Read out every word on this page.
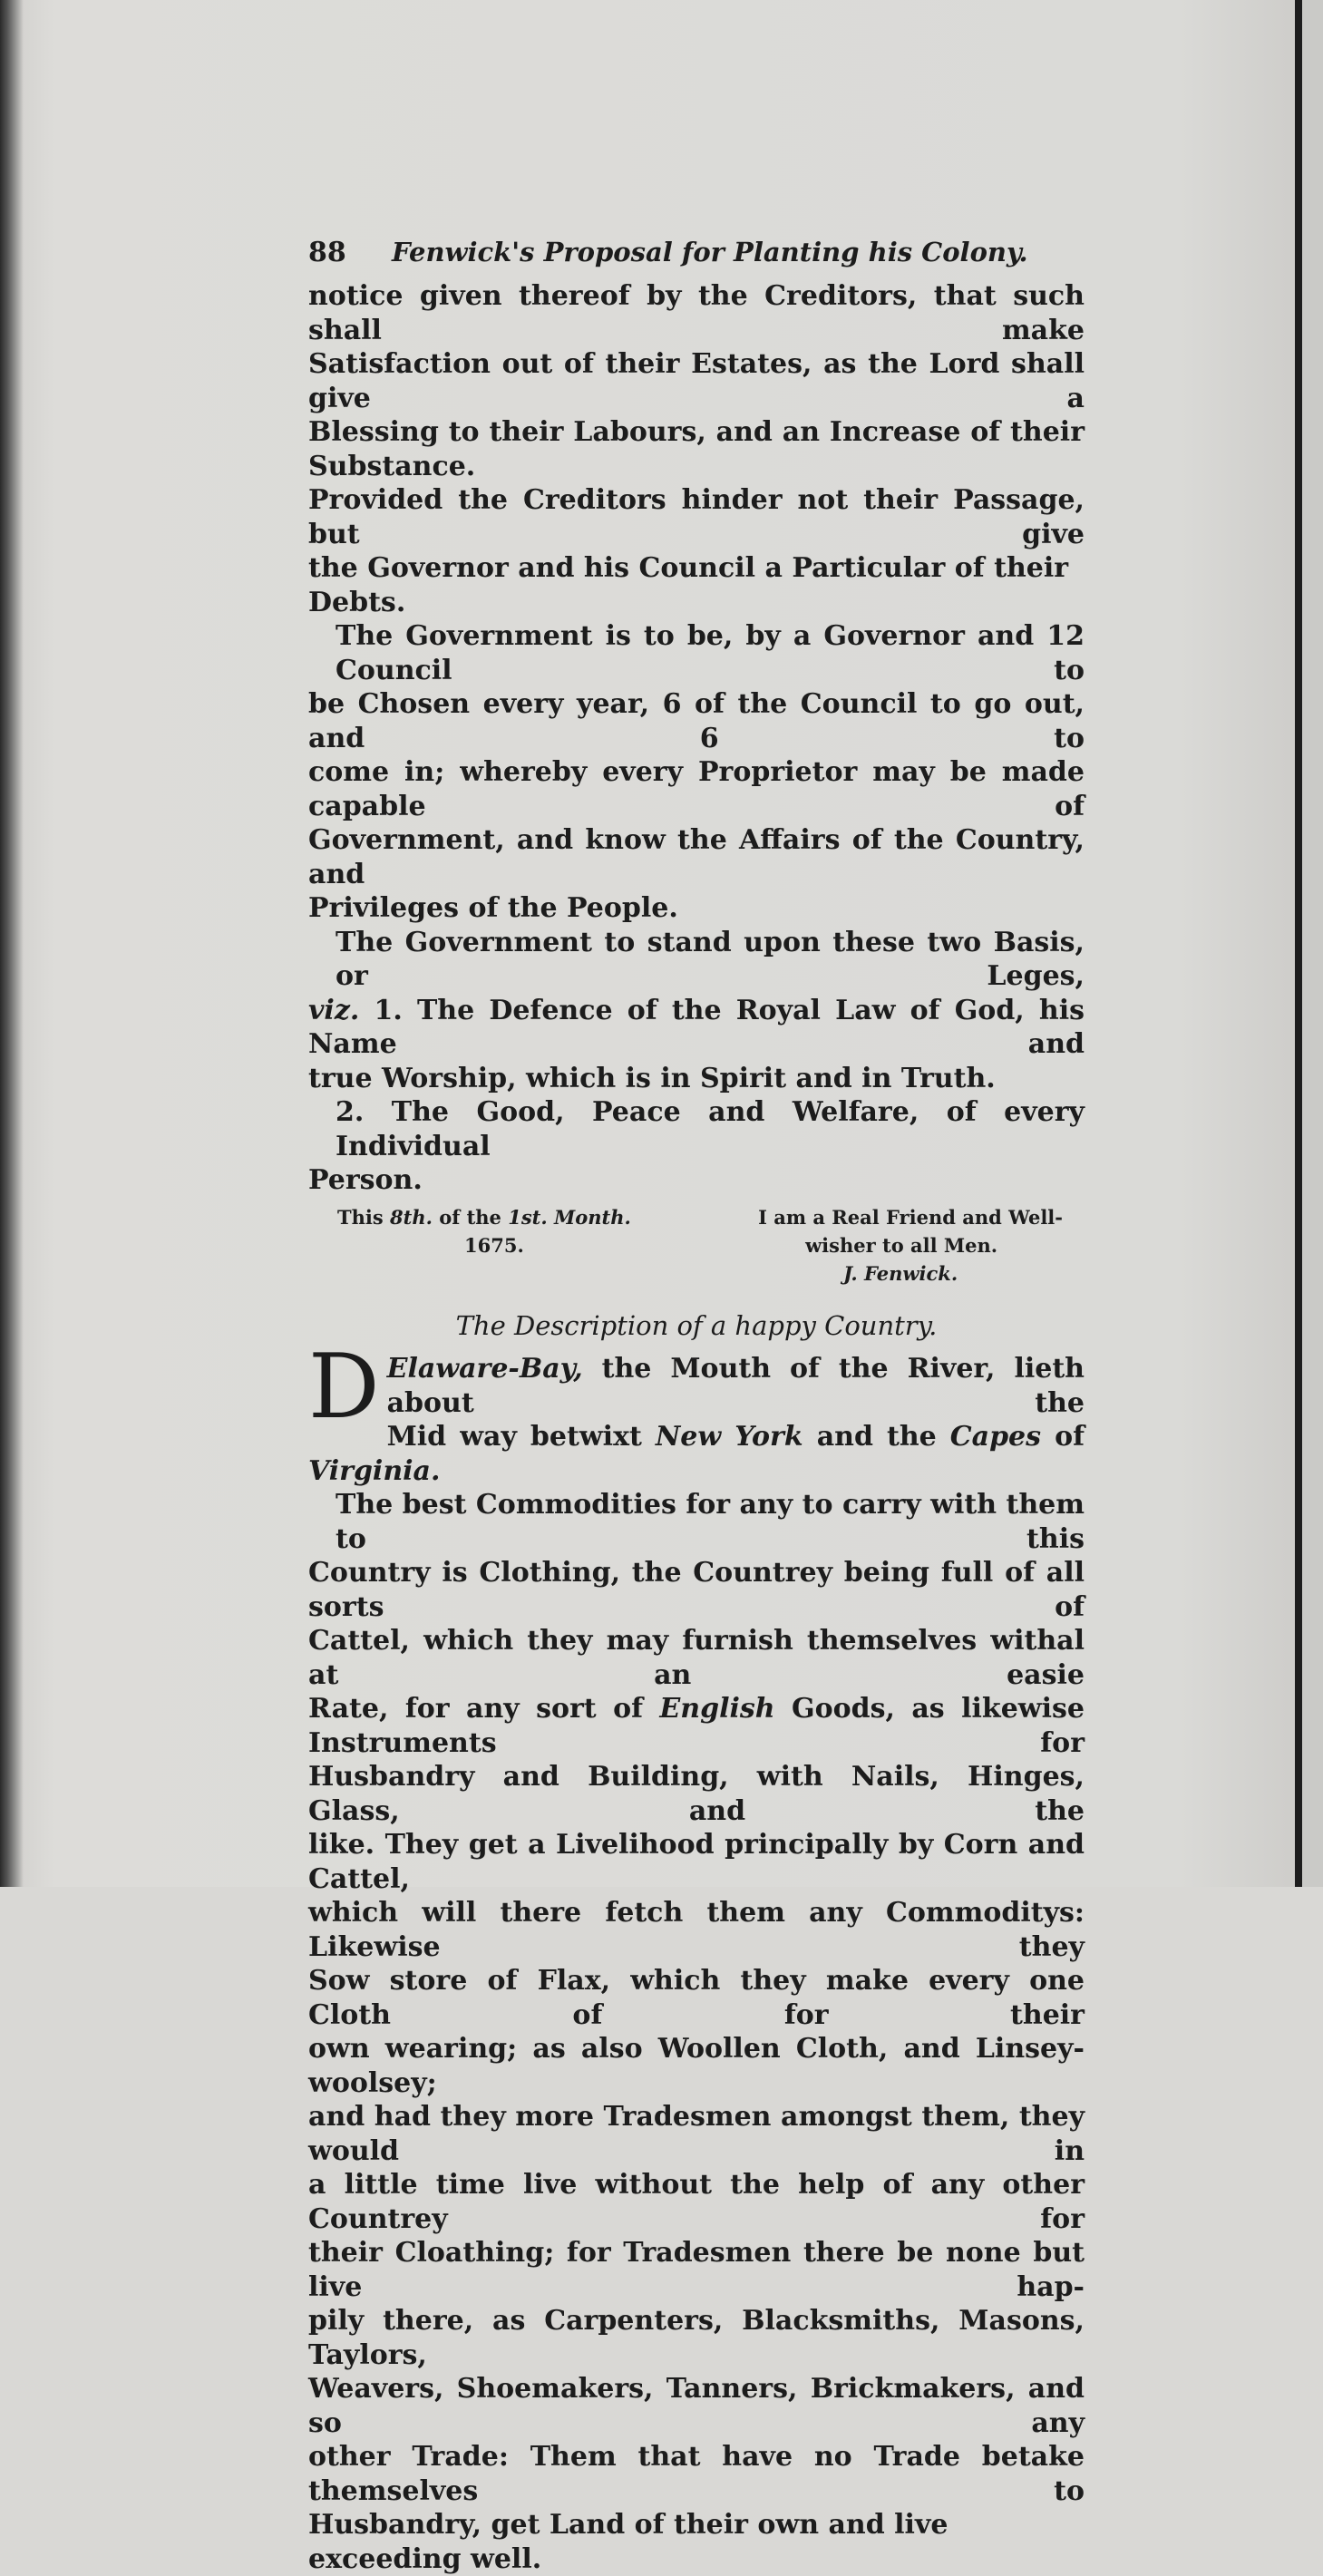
88	Fenwick's Proposal for Planting his Colony.
notice given thereof by the Creditors, that such shall make
Satisfaction out of their Estates, as the Lord shall give a
Blessing to their Labours, and an Increase of their Substance.
Provided the Creditors hinder not their Passage, but give
the Governor and his Council a Particular of their Debts.
The Government is to be, by a Governor and 12 Council to
be Chosen every year, 6 of the Council to go out, and 6 to
come in; whereby every Proprietor may be made capable of
Government, and know the Affairs of the Country, and
Privileges of the People.
The Government to stand upon these two Basis, or Leges,
viz. 1. The Defence of the Royal Law of God, his Name and
true Worship, which is in Spirit and in Truth.
2. The Good, Peace and Welfare, of every Individual
Person.
This 8th. of the 1st. Month.
1675.
I am a Real Friend and Well-
wisher to all Men.
J. Fenwick.
The Description of a happy Country.
D Elaware-Bay, the Mouth of the River, lieth about the
Mid way betwixt New York and the Capes of Virginia.
The best Commodities for any to carry with them to this
Country is Clothing, the Countrey being full of all sorts of
Cattel, which they may furnish themselves withal at an easie
Rate, for any sort of English Goods, as likewise Instruments for
Husbandry and Building, with Nails, Hinges, Glass, and the
like. They get a Livelihood principally by Corn and Cattel,
which will there fetch them any Commoditys: Likewise they
Sow store of Flax, which they make every one Cloth of for their
own wearing; as also Woollen Cloth, and Linsey-woolsey;
and had they more Tradesmen amongst them, they would in
a little time live without the help of any other Countrey for
their Cloathing; for Tradesmen there be none but live hap-
pily there, as Carpenters, Blacksmiths, Masons, Taylors,
Weavers, Shoemakers, Tanners, Brickmakers, and so any
other Trade: Them that have no Trade betake themselves to
Husbandry, get Land of their own and live exceeding well.
